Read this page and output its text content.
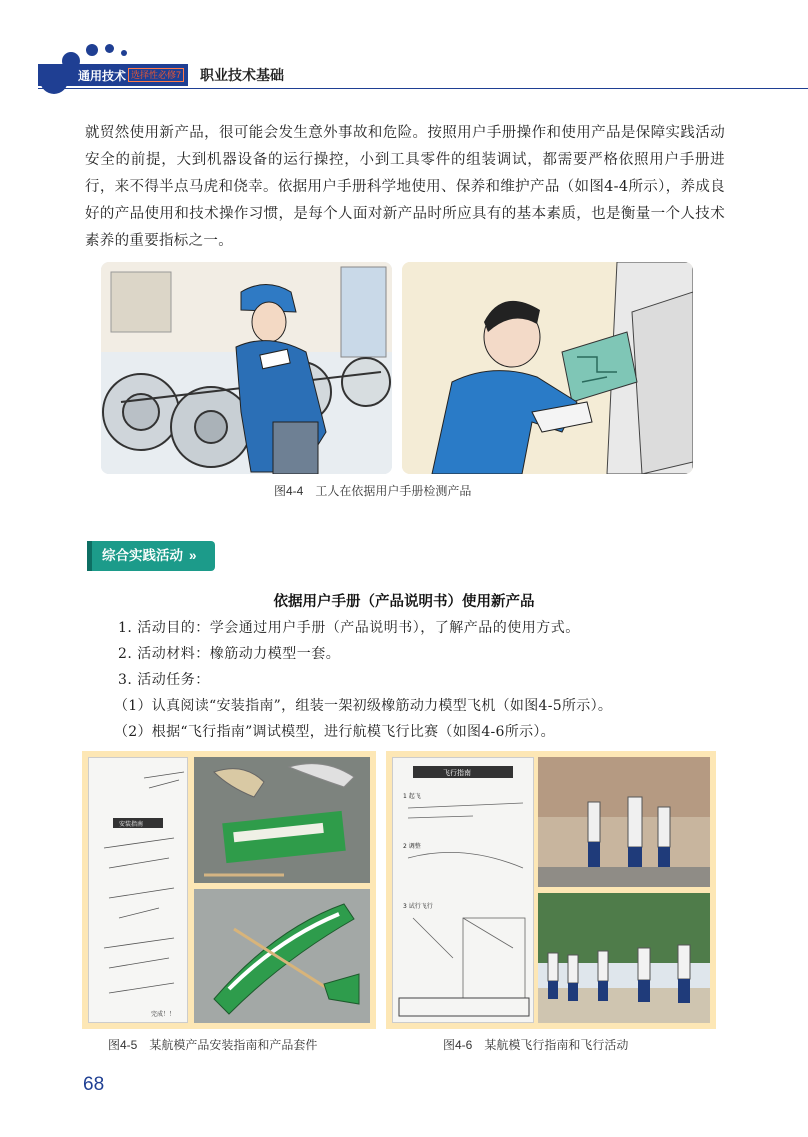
通用技术 选择性必修7 职业技术基础

就贸然使用新产品，很可能会发生意外事故和危险。按照用户手册操作和使用产品是保障实践活动安全的前提，大到机器设备的运行操控，小到工具零件的组装调试，都需要严格依照用户手册进行，来不得半点马虎和侥幸。依据用户手册科学地使用、保养和维护产品（如图4-4所示），养成良好的产品使用和技术操作习惯，是每个人面对新产品时所应具有的基本素质，也是衡量一个人技术素养的重要指标之一。

图4-4　工人在依据用户手册检测产品
综合实践活动 »
依据用户手册（产品说明书）使用新产品
1. 活动目的：学会通过用户手册（产品说明书），了解产品的使用方式。
2. 活动材料：橡筋动力模型一套。
3. 活动任务：
（1）认真阅读“安装指南”，组装一架初级橡筋动力模型飞机（如图4-5所示）。
（2）根据“飞行指南”调试模型，进行航模飞行比赛（如图4-6所示）。
安装指南
完成！！
图4-5　某航模产品安装指南和产品套件
飞行指南
1 起飞
2 调整
3 试行飞行
图4-6　某航模飞行指南和飞行活动
68
